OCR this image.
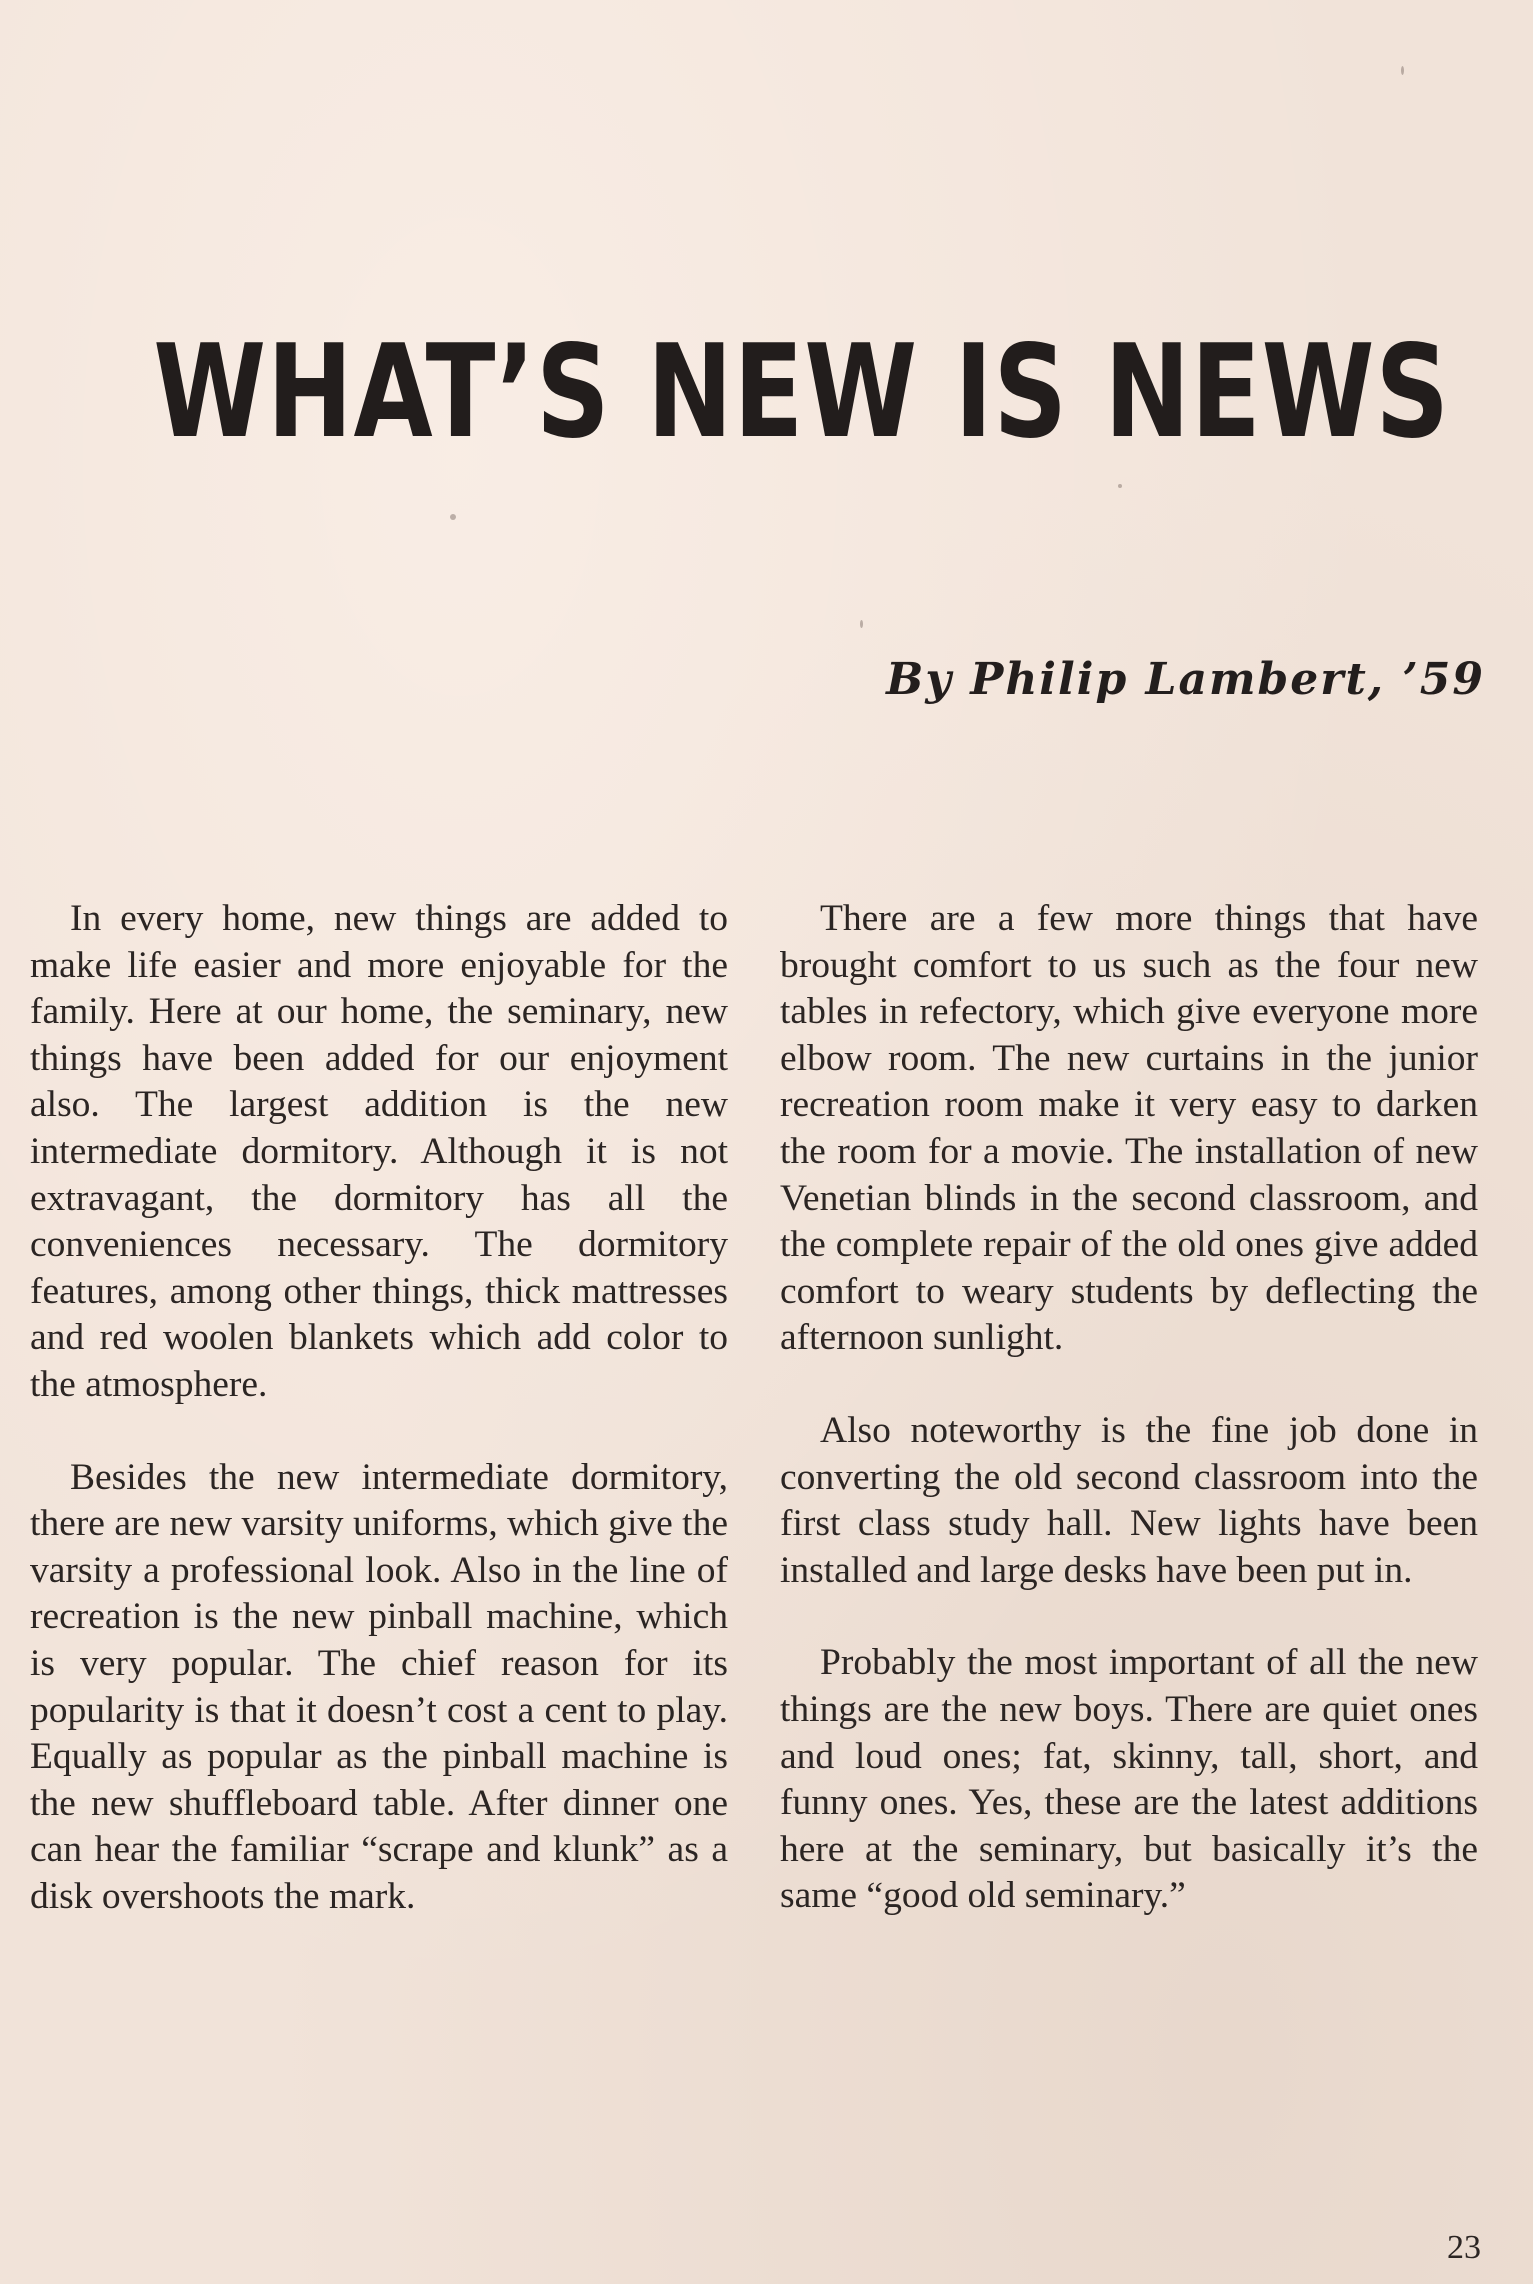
WHAT’S NEW IS NEWS
By Philip Lambert, ’59

In every home, new things are added to make life easier and more enjoyable for the family. Here at our home, the seminary, new things have been added for our enjoyment also. The largest addition is the new intermediate dormitory. Although it is not extravagant, the dormitory has all the conveniences necessary. The dormitory features, among other things, thick mattresses and red woolen blankets which add color to the atmosphere.

Besides the new intermediate dormitory, there are new varsity uniforms, which give the varsity a professional look. Also in the line of recreation is the new pinball machine, which is very popular. The chief reason for its popularity is that it doesn’t cost a cent to play. Equally as popular as the pinball machine is the new shuffleboard table. After dinner one can hear the familiar “scrape and klunk” as a disk overshoots the mark.

There are a few more things that have brought comfort to us such as the four new tables in refectory, which give everyone more elbow room. The new curtains in the junior recreation room make it very easy to darken the room for a movie. The installation of new Venetian blinds in the second classroom, and the complete repair of the old ones give added comfort to weary students by deflecting the afternoon sunlight.

Also noteworthy is the fine job done in converting the old second classroom into the first class study hall. New lights have been installed and large desks have been put in.

Probably the most important of all the new things are the new boys. There are quiet ones and loud ones; fat, skinny, tall, short, and funny ones. Yes, these are the latest additions here at the seminary, but basically it’s the same “good old seminary.”

23
